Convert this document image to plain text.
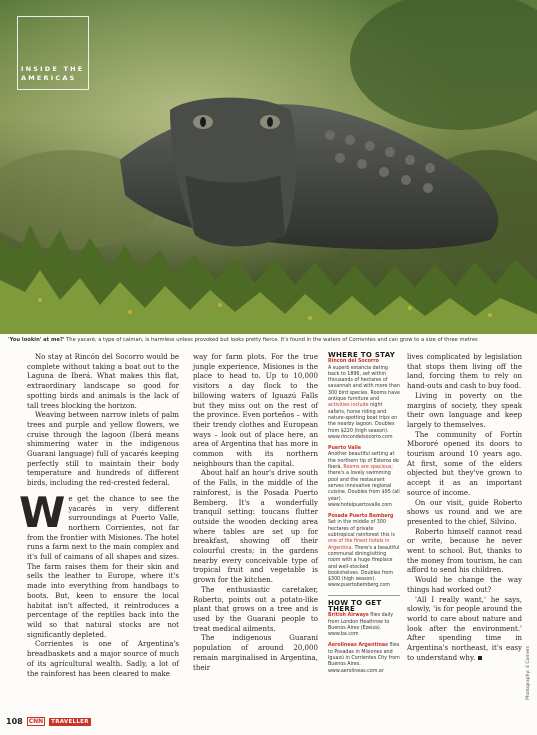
INSIDE THE
AMERICAS
'You lookin' at me?' The yacaré, a type of caiman, is harmless unless provoked but looks pretty fierce. It's found in the waters of Corrientes and can grow to a size of three metres

No stay at Rincón del Socorro would be complete without taking a boat out to the Laguna de Iberá. What makes this flat, extraordinary landscape so good for spotting birds and animals is the lack of tall trees blocking the horizon.

Weaving between narrow inlets of palm trees and purple and yellow flowers, we cruise through the lagoon (Iberá means shimmering water in the indigenous Guarani language) full of yacarés keeping perfectly still to maintain their body temperature and hundreds of different birds, including the red-crested federal.

We get the chance to see the yacarés in very different surroundings at Puerto Valle, northern Corrientes, not far from the frontier with Misiones. The hotel runs a farm next to the main complex and it's full of caimans of all shapes and sizes. The farm raises them for their skin and sells the leather to Europe, where it's made into everything from handbags to boots. But, keen to ensure the local habitat isn't affected, it reintroduces a percentage of the reptiles back into the wild so that natural stocks are not significantly depleted.

Corrientes is one of Argentina's breadbaskets and a major source of much of its agricultural wealth. Sadly, a lot of the rainforest has been cleared to make

way for farm plots. For the true jungle experience, Misiones is the place to head to. Up to 10,000 visitors a day flock to the billowing waters of Iguazú Falls but they miss out on the rest of the province. Even porteños – with their trendy clothes and European ways – look out of place here, an area of Argentina that has more in common with its northern neighbours than the capital.

About half an hour's drive south of the Falls, in the middle of the rainforest, is the Posada Puerto Bemberg. It's a wonderfully tranquil setting: toucans flutter outside the wooden decking area where tables are set up for breakfast, showing off their colourful crests; in the gardens nearby every conceivable type of tropical fruit and vegetable is grown for the kitchen.

The enthusiastic caretaker, Roberto, points out a potato-like plant that grows on a tree and is used by the Guarani people to treat medical ailments.

The indigenous Guarani population of around 20,000 remain marginalised in Argentina, their

WHERE TO STAY
Rincón del Socorro
A superb estancia dating back to 1896, set within thousands of hectares of savannah and with more than 300 bird species. Rooms have antique furniture and activities include night safaris, horse riding and nature-spotting boat trips on the nearby lagoon. Doubles from $220 (high season). www.rincondelsocorro.com
Puerto Valle
Another beautiful setting at the northern tip of Esteros de Iberá. Rooms are spacious; there's a lovely swimming pool and the restaurant serves innovative regional cuisine. Doubles from $95 (all year). www.hotelpuertovalle.com
Posada Puerto Bemberg
Set in the middle of 300 hectares of private subtropical rainforest this is one of the finest hotels in Argentina. There's a beautiful communal dining/sitting room with a huge fireplace and well-stocked bookshelves. Doubles from $300 (high season). www.puertobemberg.com
HOW TO GET THERE
British Airways flies daily from London Heathrow to Buenos Aires (Ezeiza). www.ba.com
Aerolineas Argentinas flies to Posadas in Misiones and Iguazú in Corrientes City from Buenos Aires. www.aerolineas.com.ar

lives complicated by legislation that stops them living off the land, forcing them to rely on hand-outs and cash to buy food.

Living in poverty on the margins of society, they speak their own language and keep largely to themselves.

The community of Fortín Mbororé opened its doors to tourism around 10 years ago. At first, some of the elders objected but they've grown to accept it as an important source of income.

On our visit, guide Roberto shows us round and we are presented to the chief, Silvino.

Roberto himself cannot read or write, because he never went to school. But, thanks to the money from tourism, he can afford to send his children.

Would he change the way things had worked out?

'All I really want,' he says, slowly, 'is for people around the world to care about nature and look after the environment.' After spending time in Argentina's northeast, it's easy to understand why.

108	CNN	TRAVELLER
Photography: 4 Corners
